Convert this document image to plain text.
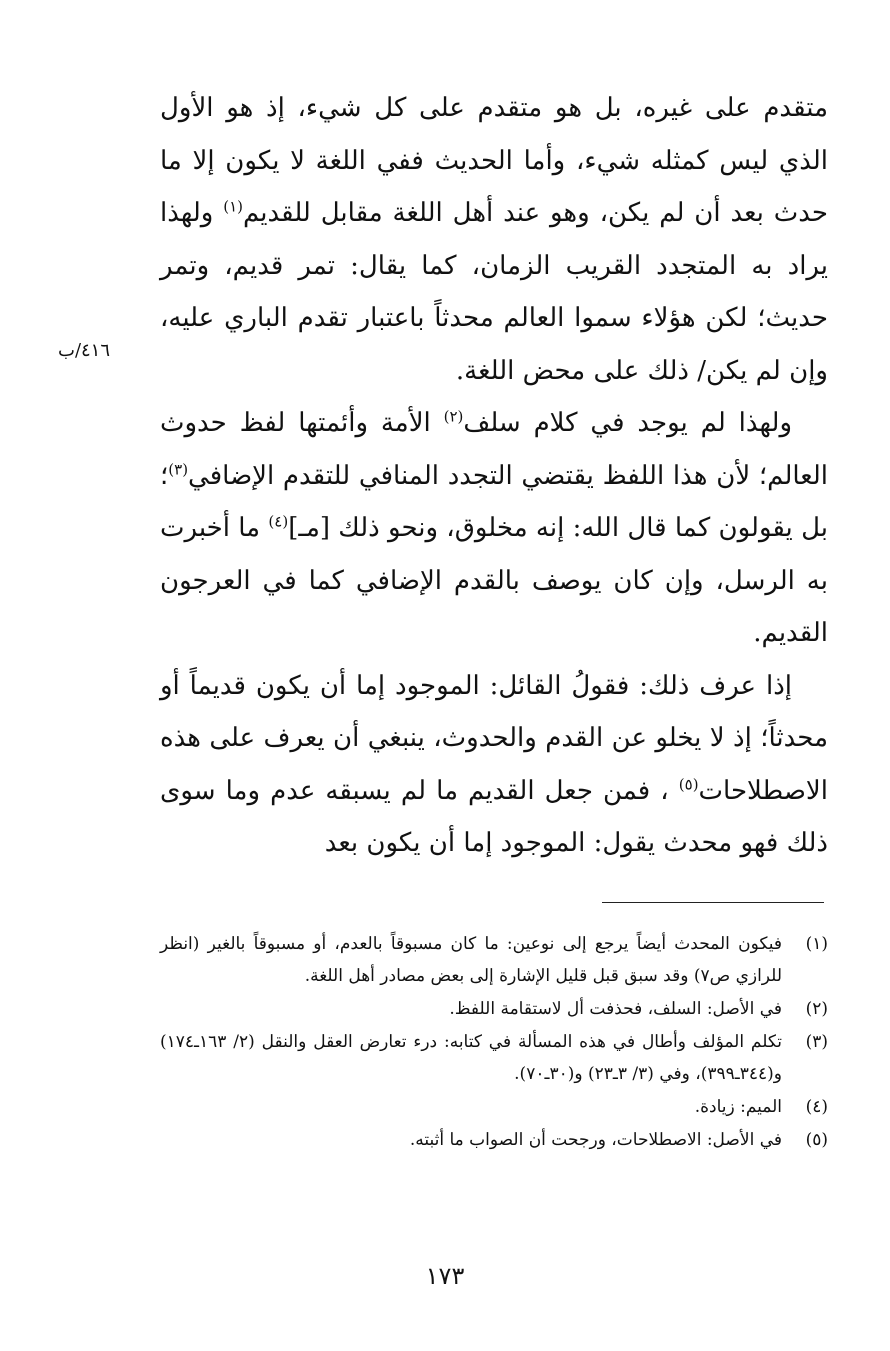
متقدم على غيره، بل هو متقدم على كل شيء، إذ هو الأول الذي ليس كمثله شيء، وأما الحديث ففي اللغة لا يكون إلا ما حدث بعد أن لم يكن، وهو عند أهل اللغة مقابل للقديم$^{(١)}$ ولهذا يراد به المتجدد القريب الزمان، كما يقال: تمر قديم، وتمر حديث؛ لكن هؤلاء سموا العالم محدثاً باعتبار تقدم الباري عليه، وإن لم يكن/ ذلك على محض اللغة.

ولهذا لم يوجد في كلام سلف$^{(٢)}$ الأمة وأئمتها لفظ حدوث العالم؛ لأن هذا اللفظ يقتضي التجدد المنافي للتقدم الإضافي$^{(٣)}$؛ بل يقولون كما قال الله: إنه مخلوق، ونحو ذلك [مـ]$^{(٤)}$ ما أخبرت به الرسل، وإن كان يوصف بالقدم الإضافي كما في العرجون القديم.

إذا عرف ذلك: فقولُ القائل: الموجود إما أن يكون قديماً أو محدثاً؛ إذ لا يخلو عن القدم والحدوث، ينبغي أن يعرف على هذه الاصطلاحات$^{(٥)}$ ، فمن جعل القديم ما لم يسبقه عدم وما سوى ذلك فهو محدث يقول: الموجود إما أن يكون بعد

٤١٦/ب
(١)
فيكون المحدث أيضاً يرجع إلى نوعين: ما كان مسبوقاً بالعدم، أو مسبوقاً بالغير (انظر للرازي ص٧) وقد سبق قبل قليل الإشارة إلى بعض مصادر أهل اللغة.
(٢)
في الأصل: السلف، فحذفت أل لاستقامة اللفظ.
(٣)
تكلم المؤلف وأطال في هذه المسألة في كتابه: درء تعارض العقل والنقل (٢/ ١٦٣ـ١٧٤) و(٣٤٤ـ٣٩٩)، وفي (٣/ ٣ـ٢٣) و(٣٠ـ٧٠).
(٤)
الميم: زيادة.
(٥)
في الأصل: الاصطلاحات، ورجحت أن الصواب ما أثبته.
١٧٣
